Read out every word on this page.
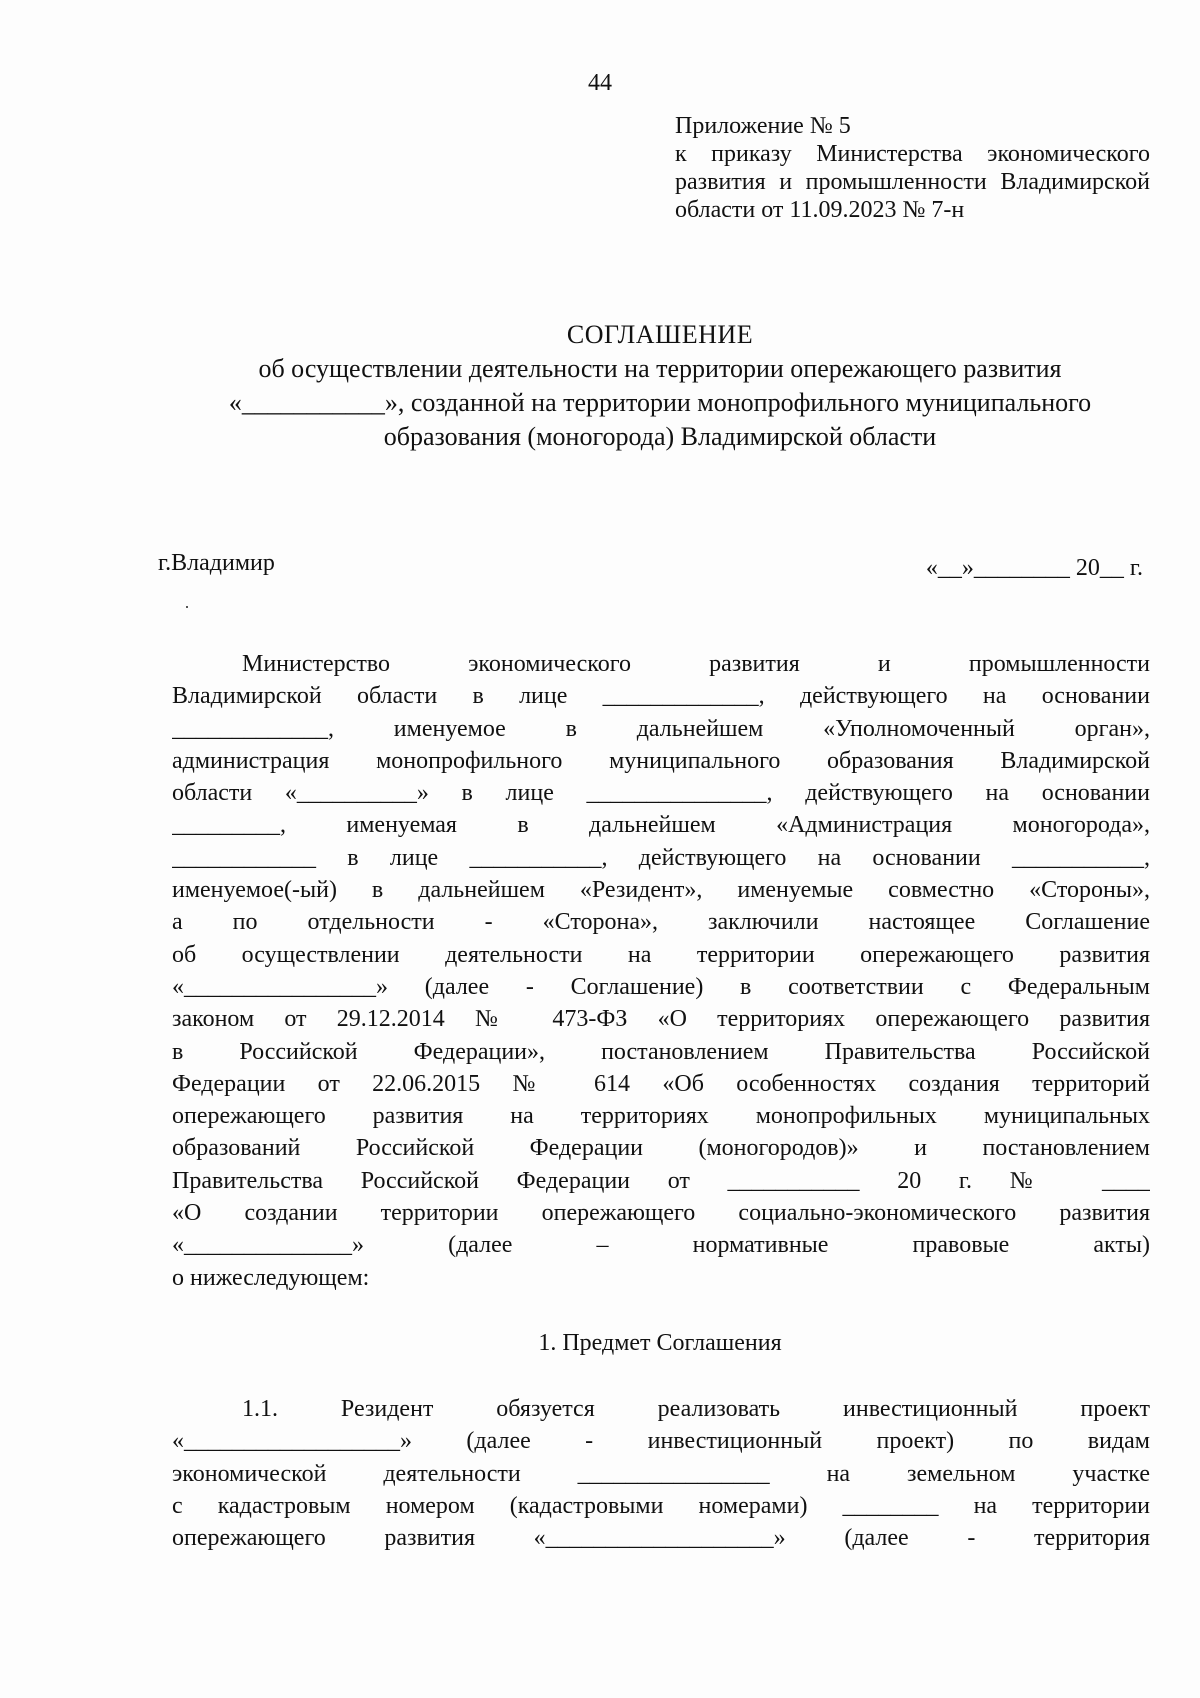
44
Приложение № 5
к приказу Министерства экономического
развития и промышленности Владимирской
области от 11.09.2023 № 7-н
СОГЛАШЕНИЕ
об осуществлении деятельности на территории опережающего развития
«___________», созданной на территории монопрофильного муниципального
образования (моногорода) Владимирской области
г.Владимир	«__»________ 20__ г.
Министерство экономического развития и промышленности
Владимирской области в лице _____________, действующего на основании
_____________, именуемое в дальнейшем «Уполномоченный орган»,
администрация монопрофильного муниципального образования Владимирской
области «__________» в лице _______________, действующего на основании
_________, именуемая в дальнейшем «Администрация моногорода»,
____________ в лице ___________, действующего на основании ___________,
именуемое(-ый) в дальнейшем «Резидент», именуемые совместно «Стороны»,
а по отдельности - «Сторона», заключили настоящее Соглашение
об осуществлении деятельности на территории опережающего развития
«________________» (далее - Соглашение) в соответствии с Федеральным
законом от 29.12.2014 № 473-ФЗ «О территориях опережающего развития
в Российской Федерации», постановлением Правительства Российской
Федерации от 22.06.2015 № 614 «Об особенностях создания территорий
опережающего развития на территориях монопрофильных муниципальных
образований Российской Федерации (моногородов)» и постановлением
Правительства Российской Федерации от ___________ 20 г. № ____
«О создании территории опережающего социально-экономического развития
«______________» (далее – нормативные правовые акты)
о нижеследующем:
1. Предмет Соглашения
1.1. Резидент обязуется реализовать инвестиционный проект
«__________________» (далее - инвестиционный проект) по видам
экономической деятельности ________________ на земельном участке
с кадастровым номером (кадастровыми номерами) ________ на территории
опережающего развития «___________________» (далее - территория
